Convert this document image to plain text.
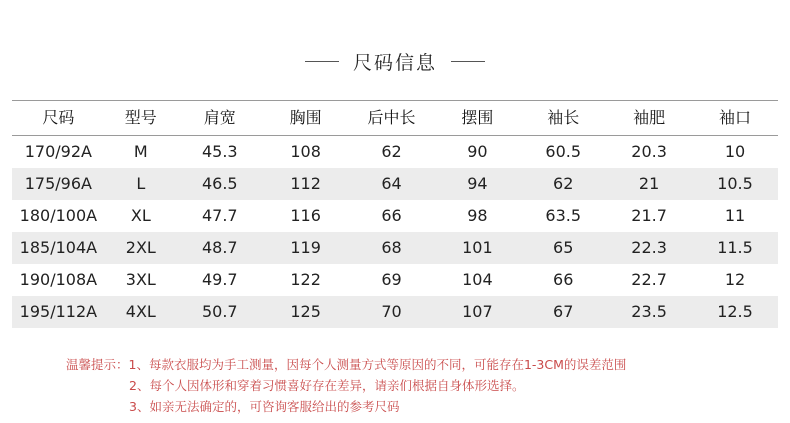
尺码信息
尺码	型号	肩宽	胸围	后中长	摆围	袖长	袖肥	袖口
170/92A	M	45.3	108	62	90	60.5	20.3	10
175/96A	L	46.5	112	64	94	62	21	10.5
180/100A	XL	47.7	116	66	98	63.5	21.7	11
185/104A	2XL	48.7	119	68	101	65	22.3	11.5
190/108A	3XL	49.7	122	69	104	66	22.7	12
195/112A	4XL	50.7	125	70	107	67	23.5	12.5
温馨提示： 1、每款衣服均为手工测量，因每个人测量方式等原因的不同，可能存在1-3CM的误差范围
2、每个人因体形和穿着习惯喜好存在差异，请亲们根据自身体形选择。
3、如亲无法确定的，可咨询客服给出的参考尺码
